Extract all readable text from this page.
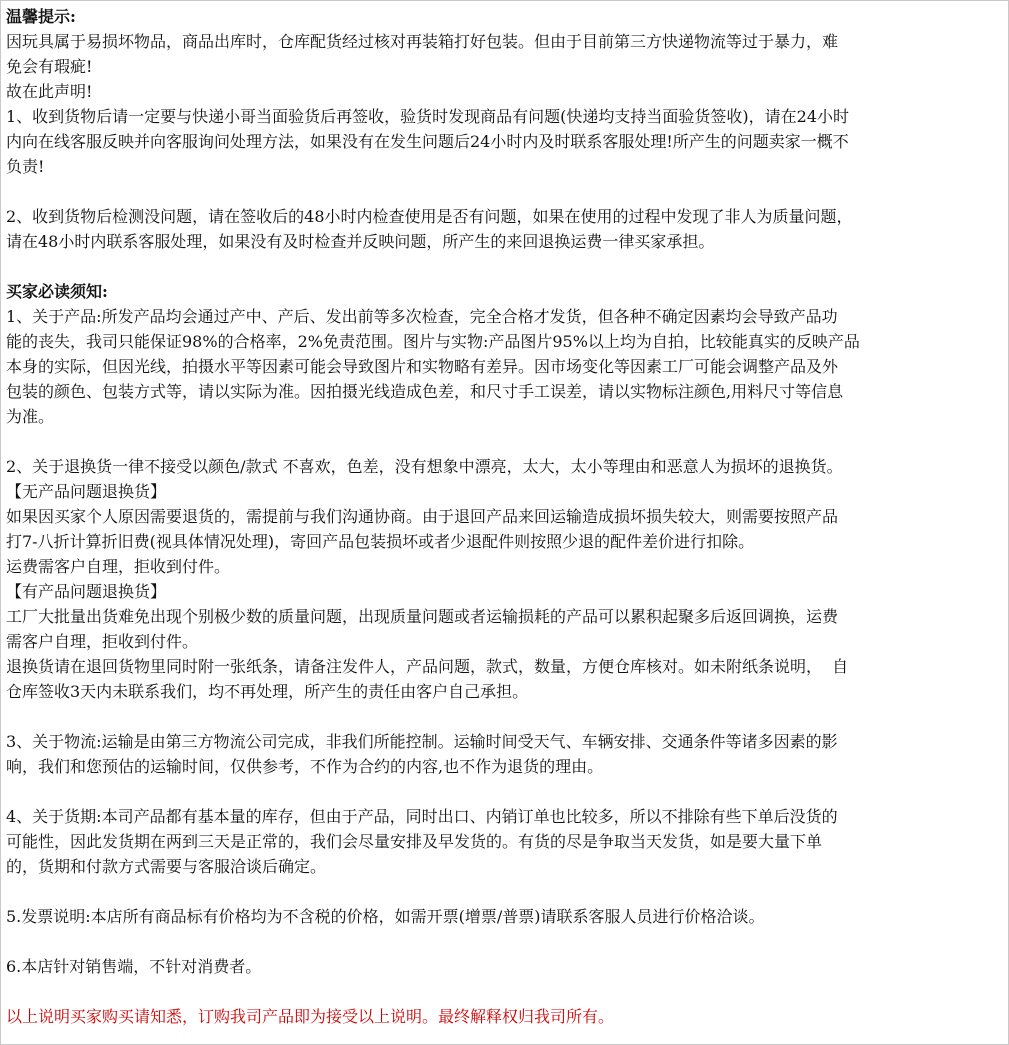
温馨提示:
因玩具属于易损坏物品，商品出库时，仓库配货经过核对再装箱打好包装。但由于目前第三方快递物流等过于暴力，难
免会有瑕疵!
故在此声明!
1、收到货物后请一定要与快递小哥当面验货后再签收，验货时发现商品有问题(快递均支持当面验货签收)，请在24小时
内向在线客服反映并向客服询问处理方法，如果没有在发生问题后24小时内及时联系客服处理!所产生的问题卖家一概不
负责!
2、收到货物后检测没问题，请在签收后的48小时内检查使用是否有问题，如果在使用的过程中发现了非人为质量问题，
请在48小时内联系客服处理，如果没有及时检查并反映问题，所产生的来回退换运费一律买家承担。
买家必读须知:
1、关于产品:所发产品均会通过产中、产后、发出前等多次检查，完全合格才发货，但各种不确定因素均会导致产品功
能的丧失，我司只能保证98%的合格率，2%免责范围。图片与实物:产品图片95%以上均为自拍，比较能真实的反映产品
本身的实际，但因光线，拍摄水平等因素可能会导致图片和实物略有差异。因市场变化等因素工厂可能会调整产品及外
包装的颜色、包装方式等，请以实际为准。因拍摄光线造成色差，和尺寸手工误差，请以实物标注颜色,用料尺寸等信息
为准。
2、关于退换货一律不接受以颜色/款式 不喜欢，色差，没有想象中漂亮，太大，太小等理由和恶意人为损坏的退换货。
【无产品问题退换货】
如果因买家个人原因需要退货的，需提前与我们沟通协商。由于退回产品来回运输造成损坏损失较大，则需要按照产品
打7-八折计算折旧费(视具体情况处理)，寄回产品包装损坏或者少退配件则按照少退的配件差价进行扣除。
运费需客户自理，拒收到付件。
【有产品问题退换货】
工厂大批量出货难免出现个别极少数的质量问题，出现质量问题或者运输损耗的产品可以累积起聚多后返回调换，运费
需客户自理，拒收到付件。
退换货请在退回货物里同时附一张纸条，请备注发件人，产品问题，款式，数量，方便仓库核对。如未附纸条说明，  自
仓库签收3天内未联系我们，均不再处理，所产生的责任由客户自己承担。
3、关于物流:运输是由第三方物流公司完成，非我们所能控制。运输时间受天气、车辆安排、交通条件等诸多因素的影
响，我们和您预估的运输时间，仅供参考，不作为合约的内容,也不作为退货的理由。
4、关于货期:本司产品都有基本量的库存，但由于产品，同时出口、内销订单也比较多，所以不排除有些下单后没货的
可能性，因此发货期在两到三天是正常的，我们会尽量安排及早发货的。有货的尽是争取当天发货，如是要大量下单
的，货期和付款方式需要与客服洽谈后确定。
5.发票说明:本店所有商品标有价格均为不含税的价格，如需开票(增票/普票)请联系客服人员进行价格洽谈。
6.本店针对销售端，不针对消费者。
以上说明买家购买请知悉，订购我司产品即为接受以上说明。最终解释权归我司所有。
